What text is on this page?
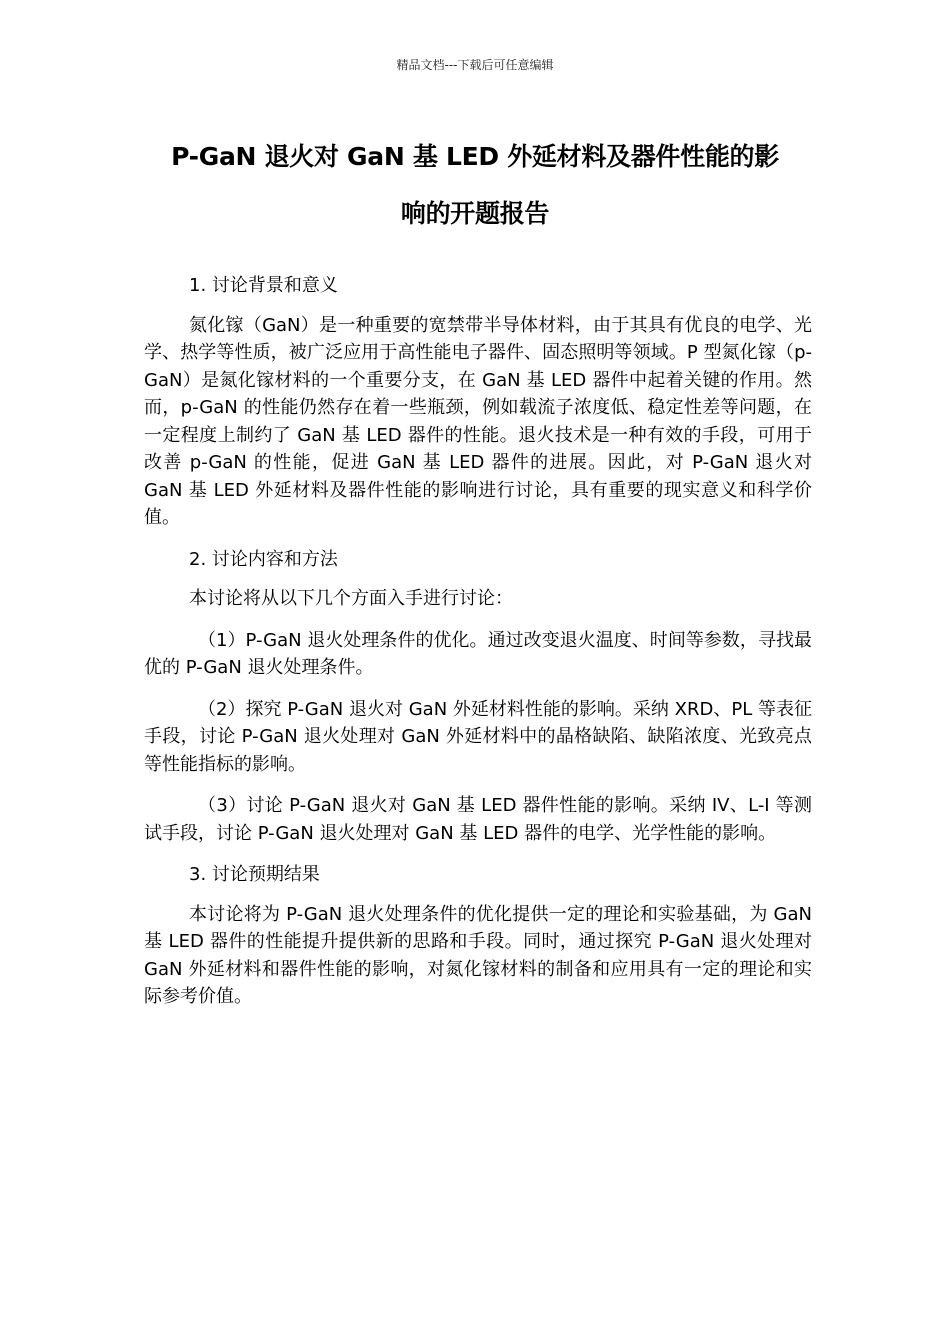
精品文档---下载后可任意编辑
P-GaN 退火对 GaN 基 LED 外延材料及器件性能的影
响的开题报告

1. 讨论背景和意义

氮化镓（GaN）是一种重要的宽禁带半导体材料，由于其具有优良的电学、光学、热学等性质，被广泛应用于高性能电子器件、固态照明等领域。P 型氮化镓（p-GaN）是氮化镓材料的一个重要分支，在 GaN 基 LED 器件中起着关键的作用。然而，p-GaN 的性能仍然存在着一些瓶颈，例如载流子浓度低、稳定性差等问题，在一定程度上制约了 GaN 基 LED 器件的性能。退火技术是一种有效的手段，可用于改善 p-GaN 的性能，促进 GaN 基 LED 器件的进展。因此，对 P-GaN 退火对 GaN 基 LED 外延材料及器件性能的影响进行讨论，具有重要的现实意义和科学价值。

2. 讨论内容和方法

本讨论将从以下几个方面入手进行讨论：

（1）P-GaN 退火处理条件的优化。通过改变退火温度、时间等参数，寻找最优的 P-GaN 退火处理条件。

（2）探究 P-GaN 退火对 GaN 外延材料性能的影响。采纳 XRD、PL 等表征手段，讨论 P-GaN 退火处理对 GaN 外延材料中的晶格缺陷、缺陷浓度、光致亮点等性能指标的影响。

（3）讨论 P-GaN 退火对 GaN 基 LED 器件性能的影响。采纳 IV、L-I 等测试手段，讨论 P-GaN 退火处理对 GaN 基 LED 器件的电学、光学性能的影响。

3. 讨论预期结果

本讨论将为 P-GaN 退火处理条件的优化提供一定的理论和实验基础，为 GaN 基 LED 器件的性能提升提供新的思路和手段。同时，通过探究 P-GaN 退火处理对 GaN 外延材料和器件性能的影响，对氮化镓材料的制备和应用具有一定的理论和实际参考价值。
